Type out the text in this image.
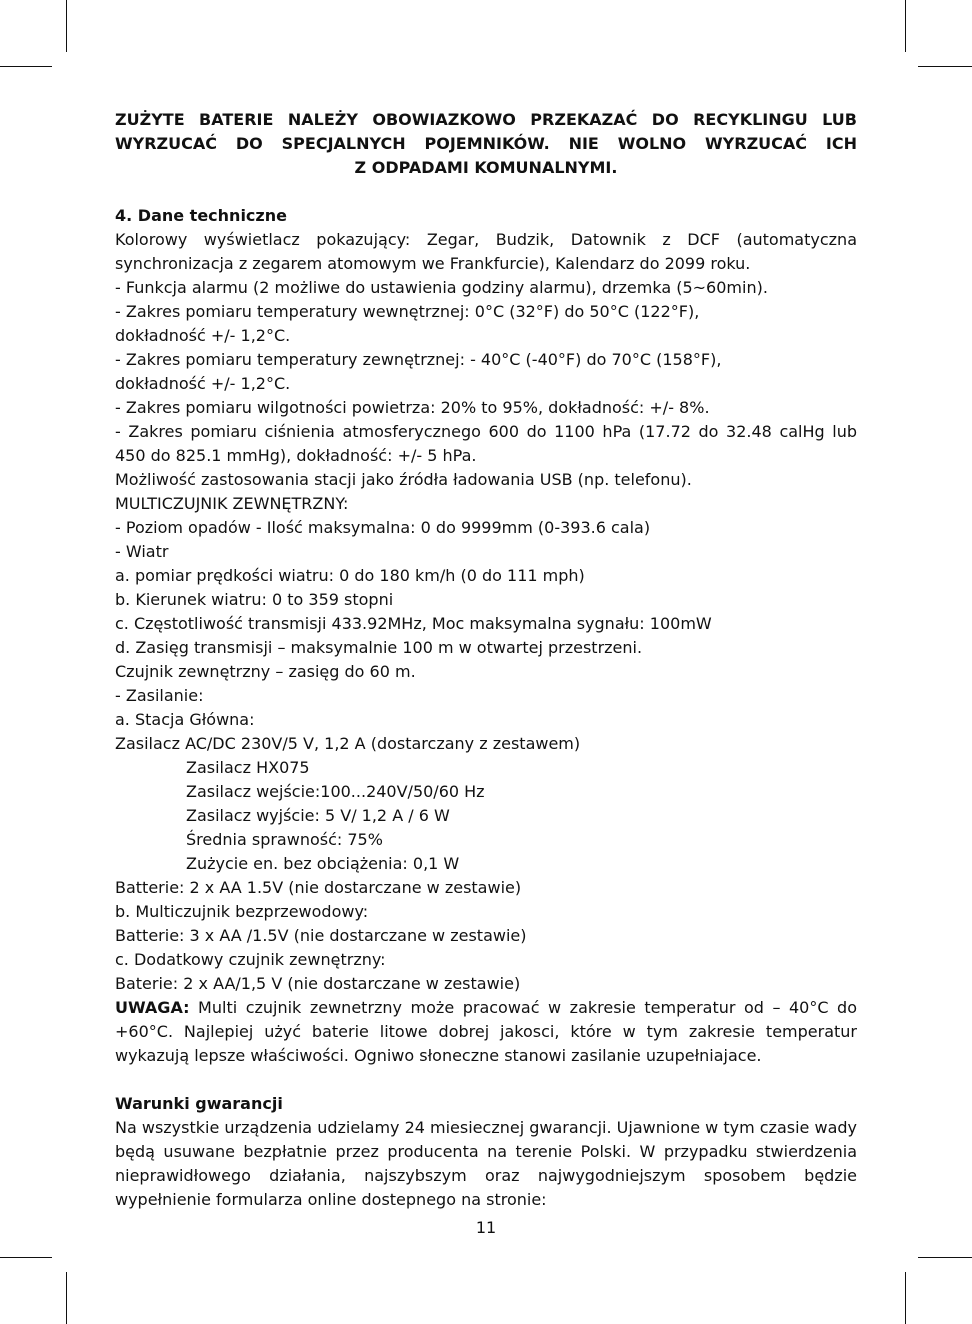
ZUŻYTE BATERIE NALEŻY OBOWIAZKOWO PRZEKAZAĆ DO RECYKLINGU LUB

WYRZUCAĆ DO SPECJALNYCH POJEMNIKÓW. NIE WOLNO WYRZUCAĆ ICH

Z ODPADAMI KOMUNALNYMI.

4. Dane techniczne

Kolorowy wyświetlacz pokazujący: Zegar, Budzik, Datownik z DCF (automatyczna synchronizacja z zegarem atomowym we Frankfurcie), Kalendarz do 2099 roku.

- Funkcja alarmu (2 możliwe do ustawienia godziny alarmu), drzemka (5~60min).

- Zakres pomiaru temperatury wewnętrznej: 0°C (32°F) do 50°C (122°F),

dokładność +/- 1,2°C.

- Zakres pomiaru temperatury zewnętrznej: - 40°C (-40°F) do 70°C (158°F),

dokładność +/- 1,2°C.

- Zakres pomiaru wilgotności powietrza: 20% to 95%, dokładność: +/- 8%.

- Zakres pomiaru ciśnienia atmosferycznego 600 do 1100 hPa (17.72 do 32.48 calHg lub 450 do 825.1 mmHg), dokładność: +/- 5 hPa.

Możliwość zastosowania stacji jako źródła ładowania USB (np. telefonu).

MULTICZUJNIK ZEWNĘTRZNY:

- Poziom opadów - Ilość maksymalna: 0 do 9999mm (0-393.6 cala)

- Wiatr

a. pomiar prędkości wiatru: 0 do 180 km/h (0 do 111 mph)

b. Kierunek wiatru: 0 to 359 stopni

c. Częstotliwość transmisji 433.92MHz, Moc maksymalna sygnału: 100mW

d. Zasięg transmisji – maksymalnie 100 m w otwartej przestrzeni.

Czujnik zewnętrzny – zasięg do 60 m.

- Zasilanie:

a. Stacja Główna:

Zasilacz AC/DC 230V/5 V, 1,2 A (dostarczany z zestawem)

Zasilacz HX075

Zasilacz wejście:100...240V/50/60 Hz

Zasilacz wyjście: 5 V/ 1,2 A / 6 W

Średnia sprawność: 75%

Zużycie en. bez obciążenia: 0,1 W

Batterie: 2 x AA 1.5V (nie dostarczane w zestawie)

b. Multiczujnik bezprzewodowy:

Batterie: 3 x AA /1.5V (nie dostarczane w zestawie)

c. Dodatkowy czujnik zewnętrzny:

Baterie: 2 x AA/1,5 V (nie dostarczane w zestawie)

UWAGA: Multi czujnik zewnetrzny może pracować w zakresie temperatur od – 40°C do +60°C. Najlepiej użyć baterie litowe dobrej jakosci, które w tym zakresie temperatur wykazują lepsze właściwości. Ogniwo słoneczne stanowi zasilanie uzupełniajace.

Warunki gwarancji

Na wszystkie urządzenia udzielamy 24 miesiecznej gwarancji. Ujawnione w tym czasie wady będą usuwane bezpłatnie przez producenta na terenie Polski. W przypadku stwierdzenia nieprawidłowego działania, najszybszym oraz najwygodniejszym sposobem będzie wypełnienie formularza online dostepnego na stronie:

11
